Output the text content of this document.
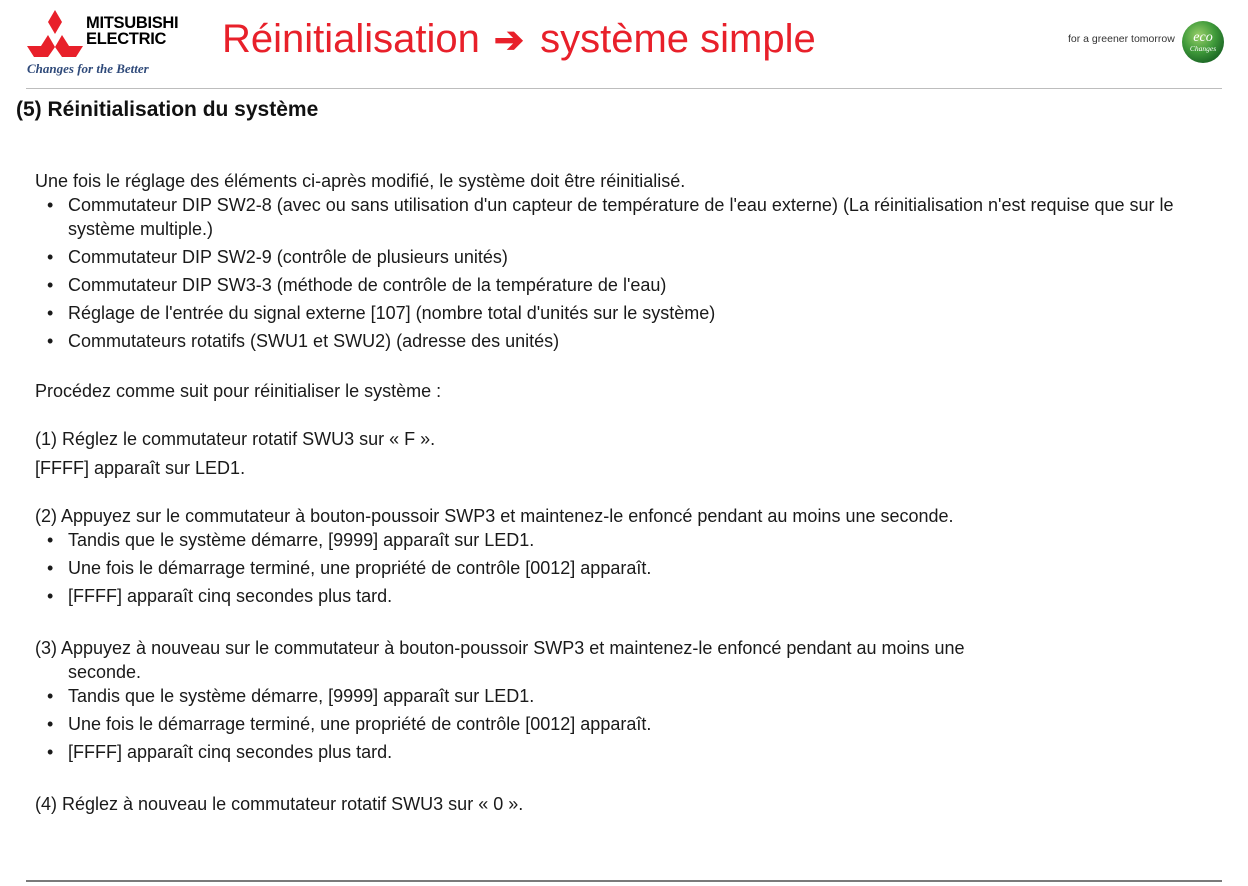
MITSUBISHI
ELECTRIC
Changes for the Better
Réinitialisation ➔ système simple	for a greener tomorrow eco
Changes
(5) Réinitialisation du système

Une fois le réglage des éléments ci-après modifié, le système doit être réinitialisé.

• Commutateur DIP SW2-8 (avec ou sans utilisation d'un capteur de température de l'eau externe) (La réinitialisation n'est requise que sur le système multiple.)
• Commutateur DIP SW2-9 (contrôle de plusieurs unités)
• Commutateur DIP SW3-3 (méthode de contrôle de la température de l'eau)
• Réglage de l'entrée du signal externe [107] (nombre total d'unités sur le système)
• Commutateurs rotatifs (SWU1 et SWU2) (adresse des unités)

Procédez comme suit pour réinitialiser le système :

(1) Réglez le commutateur rotatif SWU3 sur « F ».

[FFFF] apparaît sur LED1.

(2) Appuyez sur le commutateur à bouton-poussoir SWP3 et maintenez-le enfoncé pendant au moins une seconde.

• Tandis que le système démarre, [9999] apparaît sur LED1.
• Une fois le démarrage terminé, une propriété de contrôle [0012] apparaît.
• [FFFF] apparaît cinq secondes plus tard.

(3) Appuyez à nouveau sur le commutateur à bouton-poussoir SWP3 et maintenez-le enfoncé pendant au moins une
seconde.

• Tandis que le système démarre, [9999] apparaît sur LED1.
• Une fois le démarrage terminé, une propriété de contrôle [0012] apparaît.
• [FFFF] apparaît cinq secondes plus tard.

(4) Réglez à nouveau le commutateur rotatif SWU3 sur « 0 ».
